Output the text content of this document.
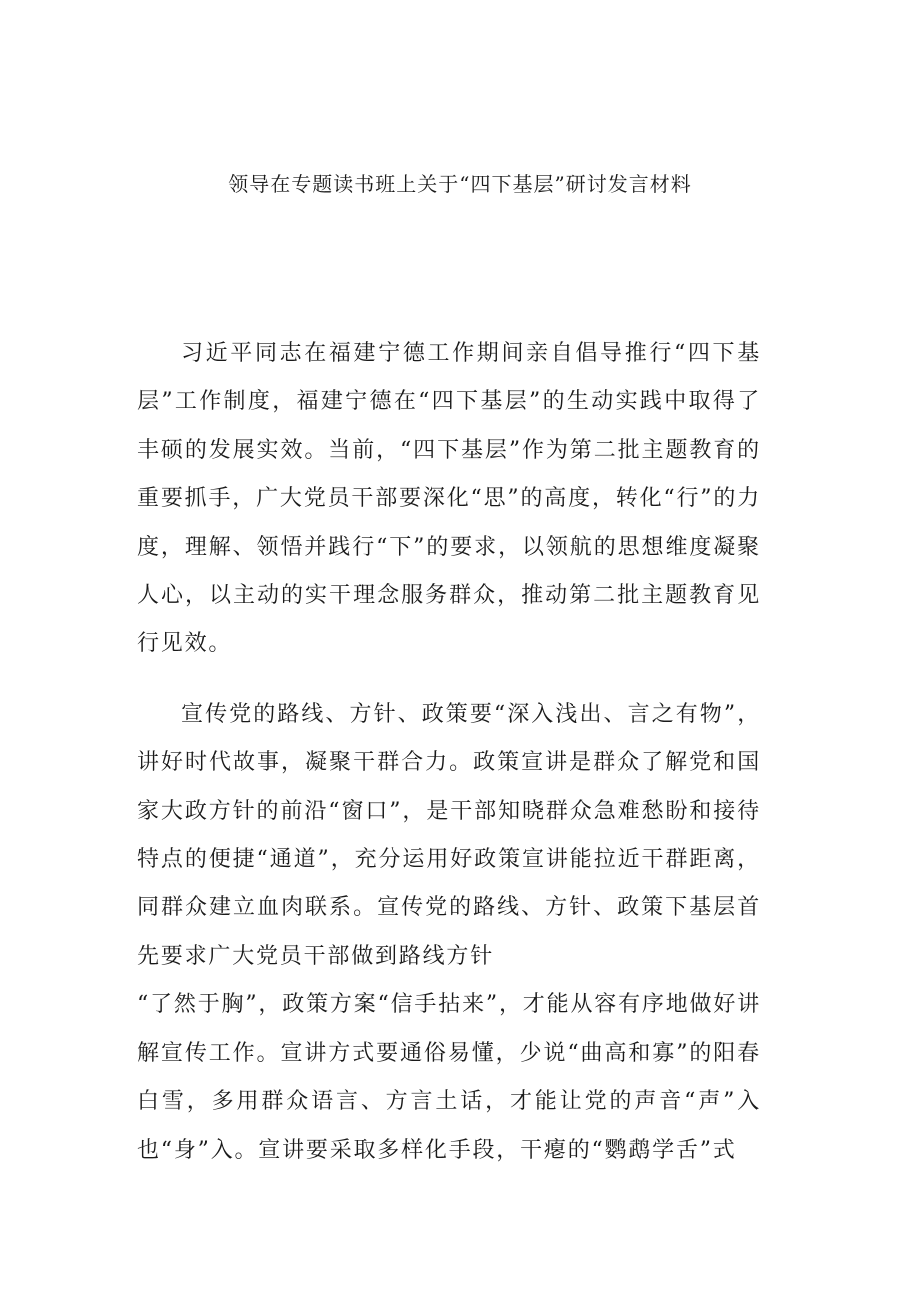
领导在专题读书班上关于“四下基层”研讨发言材料

习近平同志在福建宁德工作期间亲自倡导推行“四下基层”工作制度，福建宁德在“四下基层”的生动实践中取得了丰硕的发展实效。当前，“四下基层”作为第二批主题教育的重要抓手，广大党员干部要深化“思”的高度，转化“行”的力度，理解、领悟并践行“下”的要求，以领航的思想维度凝聚人心，以主动的实干理念服务群众，推动第二批主题教育见行见效。

宣传党的路线、方针、政策要“深入浅出、言之有物”，讲好时代故事，凝聚干群合力。政策宣讲是群众了解党和国家大政方针的前沿“窗口”，是干部知晓群众急难愁盼和接待特点的便捷“通道”，充分运用好政策宣讲能拉近干群距离，同群众建立血肉联系。宣传党的路线、方针、政策下基层首先要求广大党员干部做到路线方针

“了然于胸”，政策方案“信手拈来”，才能从容有序地做好讲解宣传工作。宣讲方式要通俗易懂，少说“曲高和寡”的阳春白雪，多用群众语言、方言土话，才能让党的声音“声”入也“身”入。宣讲要采取多样化手段，干瘪的“鹦鹉学舌”式
